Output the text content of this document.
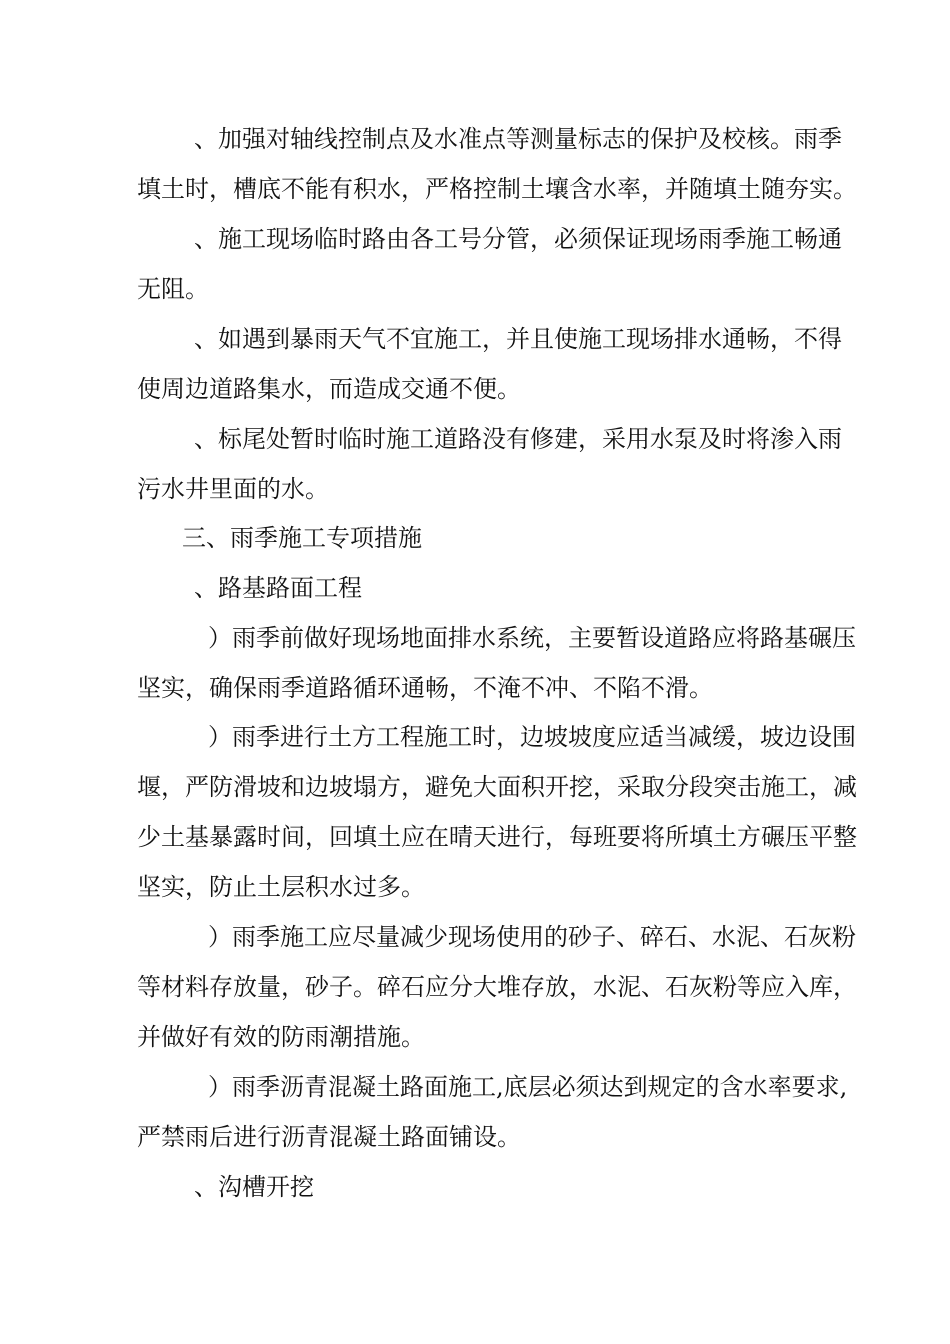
、加强对轴线控制点及水准点等测量标志的保护及校核。雨季
填土时，槽底不能有积水，严格控制土壤含水率，并随填土随夯实。
、施工现场临时路由各工号分管，必须保证现场雨季施工畅通
无阻。
、如遇到暴雨天气不宜施工，并且使施工现场排水通畅，不得
使周边道路集水，而造成交通不便。
、标尾处暂时临时施工道路没有修建，采用水泵及时将渗入雨
污水井里面的水。
三、雨季施工专项措施
、路基路面工程
）雨季前做好现场地面排水系统，主要暂设道路应将路基碾压
坚实，确保雨季道路循环通畅，不淹不冲、不陷不滑。
）雨季进行土方工程施工时，边坡坡度应适当减缓，坡边设围
堰，严防滑坡和边坡塌方，避免大面积开挖，采取分段突击施工，减
少土基暴露时间，回填土应在晴天进行，每班要将所填土方碾压平整
坚实，防止土层积水过多。
）雨季施工应尽量减少现场使用的砂子、碎石、水泥、石灰粉
等材料存放量，砂子。碎石应分大堆存放，水泥、石灰粉等应入库，
并做好有效的防雨潮措施。
）雨季沥青混凝土路面施工,底层必须达到规定的含水率要求,
严禁雨后进行沥青混凝土路面铺设。
、沟槽开挖
